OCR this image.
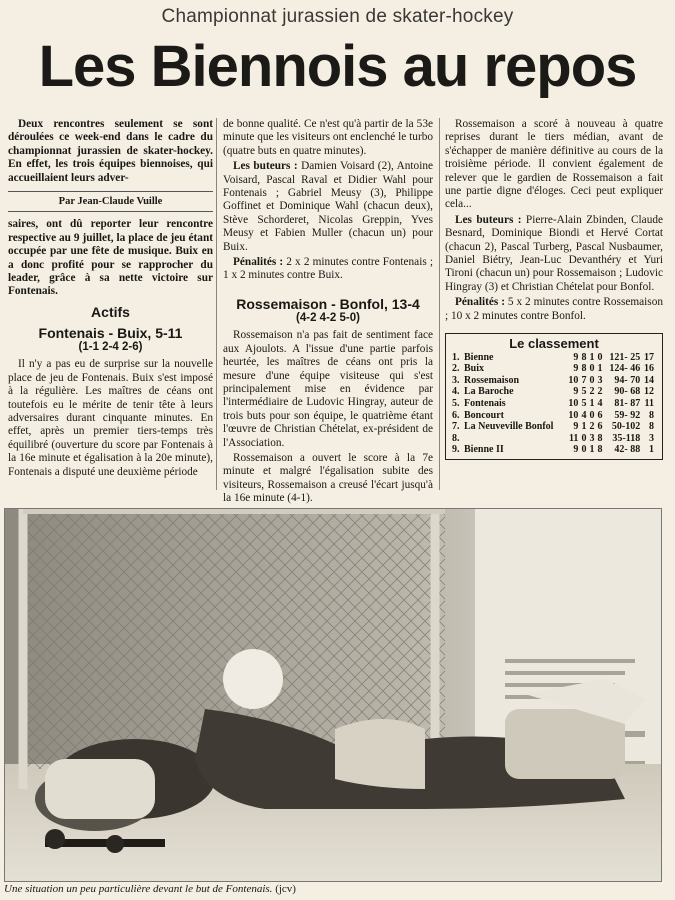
Championnat jurassien de skater-hockey
Les Biennois au repos

Deux rencontres seulement se sont déroulées ce week-end dans le cadre du championnat jurassien de skater-hockey. En effet, les trois équipes biennoises, qui accueillaient leurs adver-

Par Jean-Claude Vuille

saires, ont dû reporter leur rencontre respective au 9 juillet, la place de jeu étant occupée par une fête de musique. Buix en a donc profité pour se rapprocher du leader, grâce à sa nette victoire sur Fontenais.

Actifs
Fontenais - Buix, 5-11
(1-1 2-4 2-6)

Il n'y a pas eu de surprise sur la nouvelle place de jeu de Fontenais. Buix s'est imposé à la régulière. Les maîtres de céans ont toutefois eu le mérite de tenir tête à leurs adversaires durant cinquante minutes. En effet, après un premier tiers-temps très équilibré (ouverture du score par Fontenais à la 16e minute et égalisation à la 20e minute), Fontenais a disputé une deuxième période

de bonne qualité. Ce n'est qu'à partir de la 53e minute que les visiteurs ont enclenché le turbo (quatre buts en quatre minutes).

Les buteurs : Damien Voisard (2), Antoine Voisard, Pascal Raval et Didier Wahl pour Fontenais ; Gabriel Meusy (3), Philippe Goffinet et Dominique Wahl (chacun deux), Stève Schorderet, Nicolas Greppin, Yves Meusy et Fabien Muller (chacun un) pour Buix.

Pénalités : 2 x 2 minutes contre Fontenais ; 1 x 2 minutes contre Buix.

Rossemaison - Bonfol, 13-4
(4-2 4-2 5-0)

Rossemaison n'a pas fait de sentiment face aux Ajoulots. A l'issue d'une partie parfois heurtée, les maîtres de céans ont pris la mesure d'une équipe visiteuse qui s'est principalement mise en évidence par l'intermédiaire de Ludovic Hingray, auteur de trois buts pour son équipe, le quatrième étant l'œuvre de Christian Chételat, ex-président de l'Association.

Rossemaison a ouvert le score à la 7e minute et malgré l'égalisation subite des visiteurs, Rossemaison a creusé l'écart jusqu'à la 16e minute (4-1).

Rossemaison a scoré à nouveau à quatre reprises durant le tiers médian, avant de s'échapper de manière définitive au cours de la troisième période. Il convient également de relever que le gardien de Rossemaison a fait une partie digne d'éloges. Ceci peut expliquer cela...

Les buteurs : Pierre-Alain Zbinden, Claude Besnard, Dominique Biondi et Hervé Cortat (chacun 2), Pascal Turberg, Pascal Nusbaumer, Daniel Biétry, Jean-Luc Devanthéry et Yuri Tironi (chacun un) pour Rossemaison ; Ludovic Hingray (3) et Christian Chételat pour Bonfol.

Pénalités : 5 x 2 minutes contre Rossemaison ; 10 x 2 minutes contre Bonfol.

Le classement
1.	Bienne	9	8	1	0	121- 25	17
2.	Buix	9	8	0	1	124- 46	16
3.	Rossemaison	10	7	0	3	94- 70	14
4.	La Baroche	9	5	2	2	90- 68	12
5.	Fontenais	10	5	1	4	81- 87	11
6.	Boncourt	10	4	0	6	59- 92	8
7.	La Neuveville Bonfol	9	1	2	6	50-102	8
8.		11	0	3	8	35-118	3
9.	Bienne II	9	0	1	8	42- 88	1
Une situation un peu particulière devant le but de Fontenais. (jcv)
